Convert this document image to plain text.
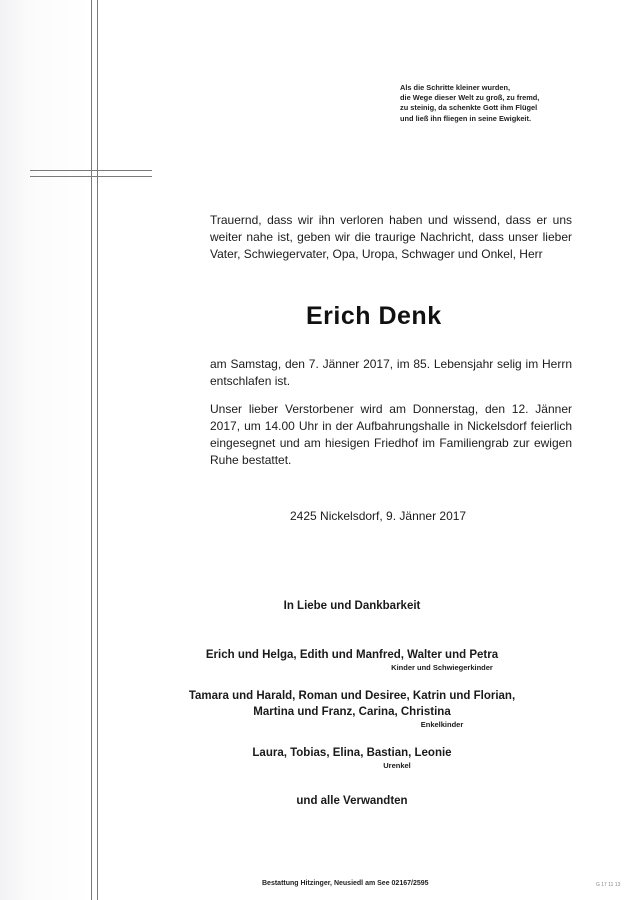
Als die Schritte kleiner wurden,
die Wege dieser Welt zu groß, zu fremd,
zu steinig, da schenkte Gott ihm Flügel
und ließ ihn fliegen in seine Ewigkeit.
Trauernd, dass wir ihn verloren haben und wissend, dass er uns weiter nahe ist, geben wir die traurige Nachricht, dass unser lieber Vater, Schwiegervater, Opa, Uropa, Schwager und Onkel, Herr
Erich Denk
am Samstag, den 7. Jänner 2017, im 85. Lebensjahr selig im Herrn entschlafen ist.
Unser lieber Verstorbener wird am Donnerstag, den 12. Jänner 2017, um 14.00 Uhr in der Aufbahrungshalle in Nickelsdorf feierlich eingesegnet und am hiesigen Friedhof im Familiengrab zur ewigen Ruhe bestattet.
2425 Nickelsdorf, 9. Jänner 2017
In Liebe und Dankbarkeit
Erich und Helga, Edith und Manfred, Walter und Petra
Kinder und Schwiegerkinder
Tamara und Harald, Roman und Desiree, Katrin und Florian,
Martina und Franz, Carina, Christina
Enkelkinder
Laura, Tobias, Elina, Bastian, Leonie
Urenkel
und alle Verwandten
Bestattung Hitzinger, Neusiedl am See 02167/2595	G 17 11 13
